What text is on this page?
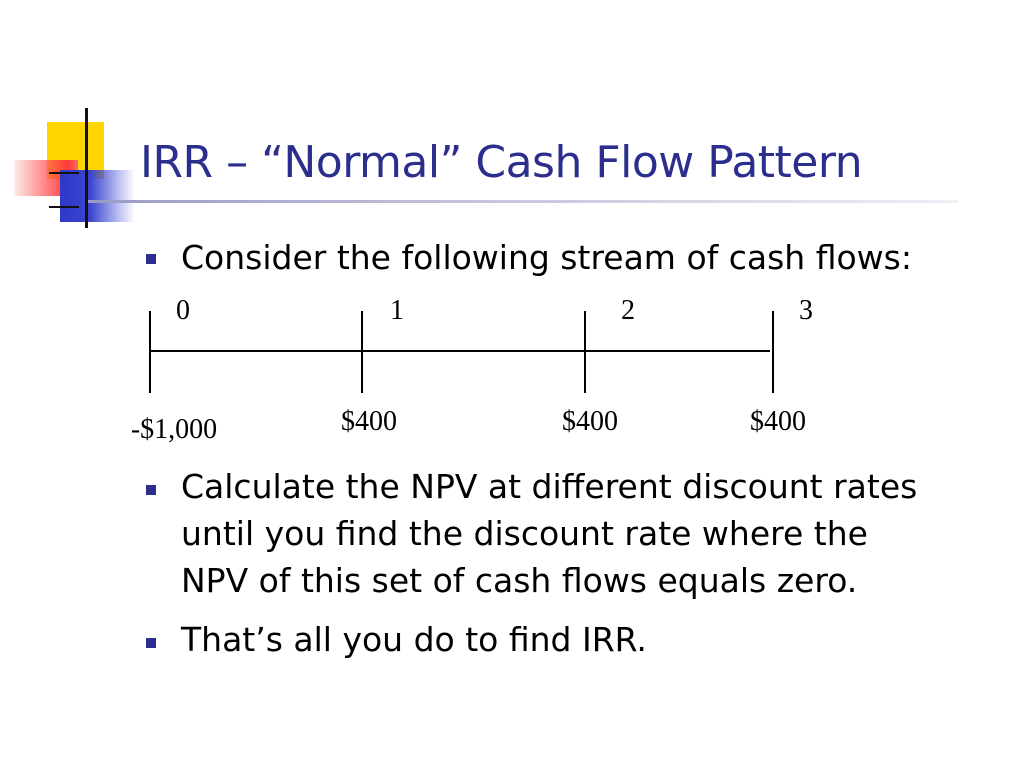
IRR – “Normal” Cash Flow Pattern
Consider the following stream of cash flows:
0	1	2	3
-$1,000	$400	$400	$400
Calculate the NPV at different discount rates
until you find the discount rate where the
NPV of this set of cash flows equals zero.
That’s all you do to find IRR.
